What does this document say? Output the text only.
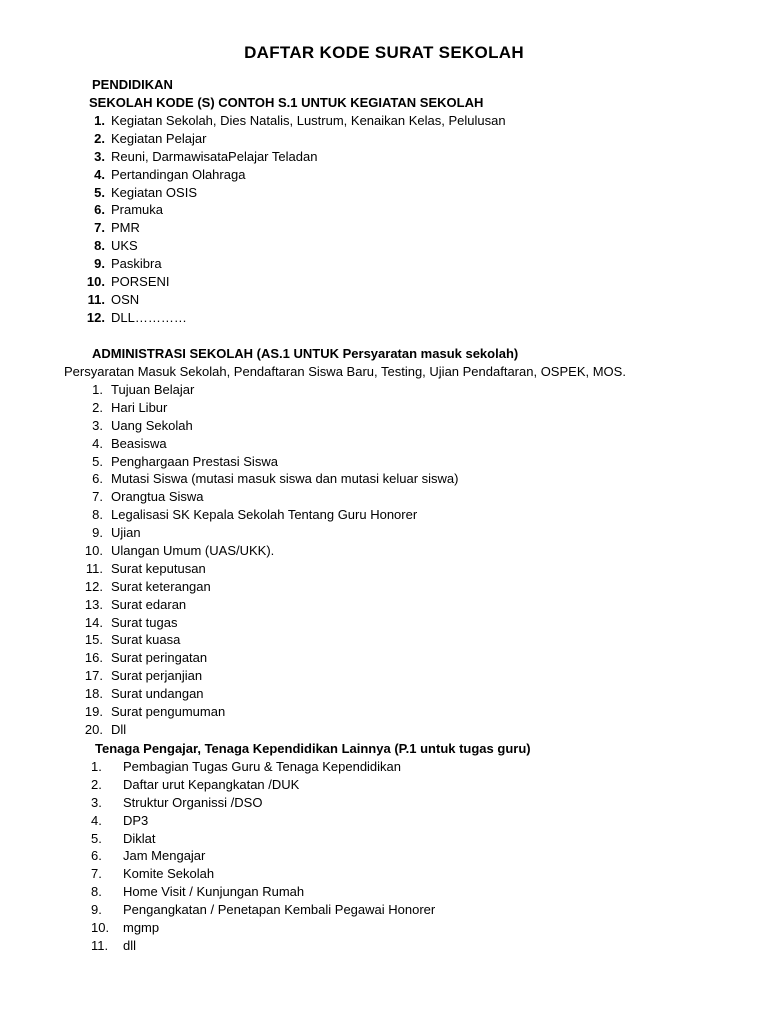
DAFTAR KODE SURAT SEKOLAH
PENDIDIKAN
SEKOLAH KODE (S) CONTOH S.1 UNTUK KEGIATAN SEKOLAH
1. Kegiatan Sekolah, Dies Natalis, Lustrum, Kenaikan Kelas, Pelulusan
2. Kegiatan Pelajar
3. Reuni, DarmawisataPelajar Teladan
4. Pertandingan Olahraga
5. Kegiatan OSIS
6. Pramuka
7. PMR
8. UKS
9. Paskibra
10. PORSENI
11. OSN
12. DLL…………
ADMINISTRASI SEKOLAH (AS.1 UNTUK Persyaratan masuk sekolah)
Persyaratan Masuk Sekolah, Pendaftaran Siswa Baru, Testing, Ujian Pendaftaran, OSPEK, MOS.
1. Tujuan Belajar
2. Hari Libur
3. Uang Sekolah
4. Beasiswa
5. Penghargaan Prestasi Siswa
6. Mutasi Siswa (mutasi masuk siswa dan mutasi keluar siswa)
7. Orangtua Siswa
8. Legalisasi SK Kepala Sekolah Tentang Guru Honorer
9. Ujian
10. Ulangan Umum (UAS/UKK).
11. Surat keputusan
12. Surat keterangan
13. Surat edaran
14. Surat tugas
15. Surat kuasa
16. Surat peringatan
17. Surat perjanjian
18. Surat undangan
19. Surat pengumuman
20. Dll
Tenaga Pengajar, Tenaga Kependidikan Lainnya (P.1 untuk tugas guru)
1.	Pembagian Tugas Guru & Tenaga Kependidikan
2.	Daftar urut Kepangkatan /DUK
3.	Struktur Organissi /DSO
4.	DP3
5.	Diklat
6.	Jam Mengajar
7.	Komite Sekolah
8.	Home Visit / Kunjungan Rumah
9.	Pengangkatan / Penetapan Kembali Pegawai Honorer
10.	mgmp
11.	dll
